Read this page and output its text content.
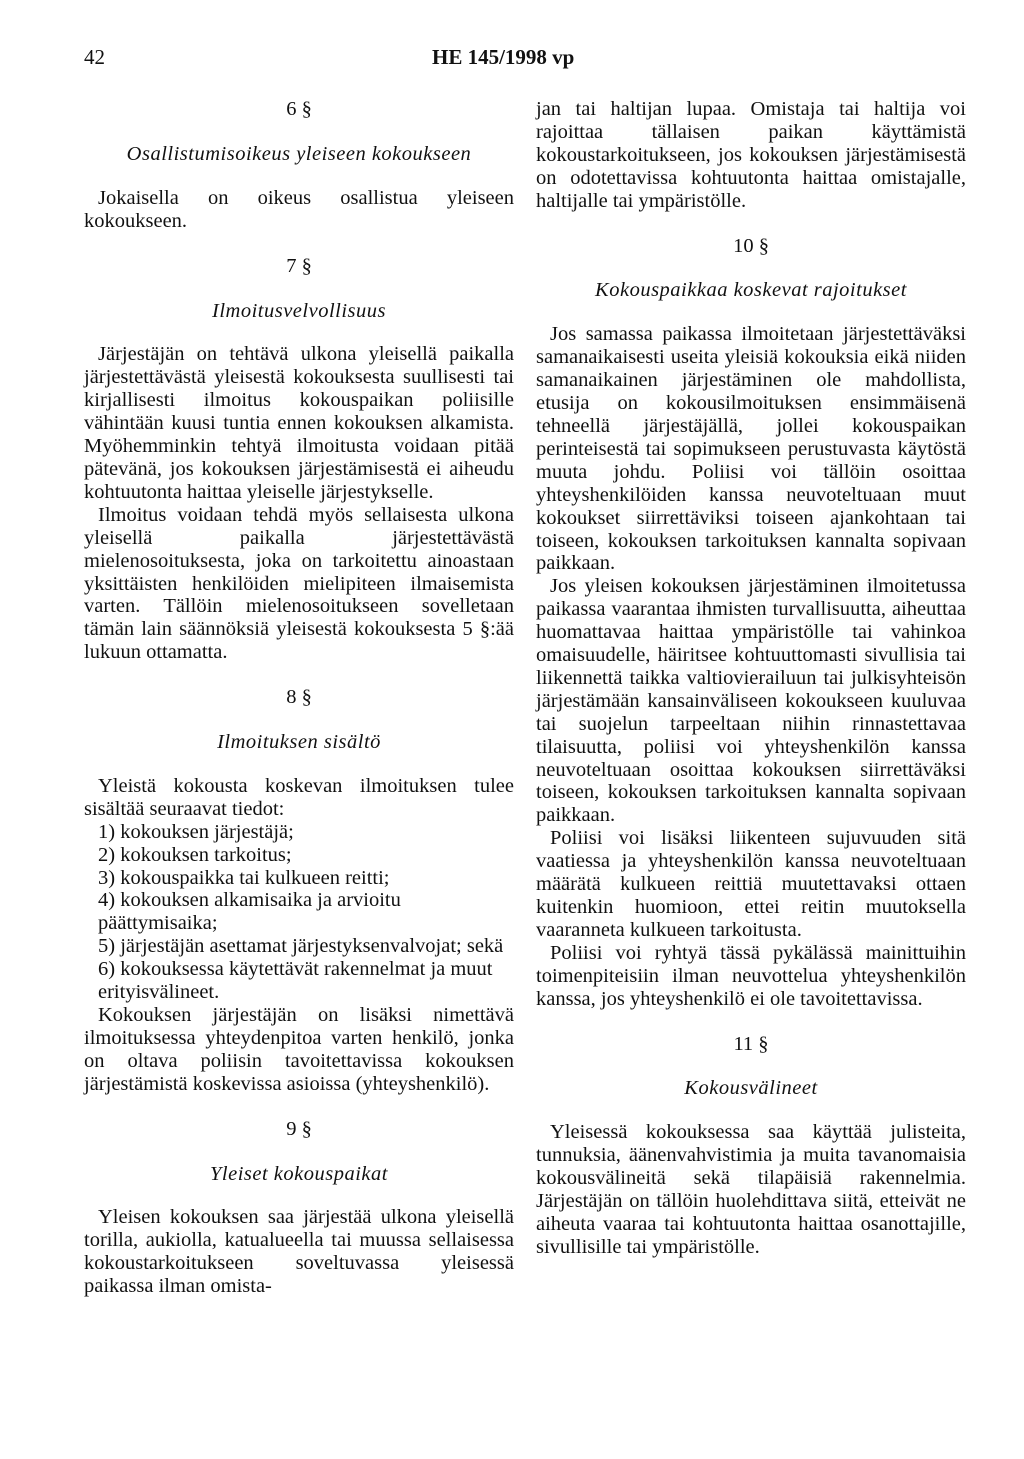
42	HE 145/1998 vp

6 §

Osallistumisoikeus yleiseen kokoukseen

Jokaisella on oikeus osallistua yleiseen kokoukseen.

7 §

Ilmoitusvelvollisuus

Järjestäjän on tehtävä ulkona yleisellä paikalla järjestettävästä yleisestä kokouksesta suullisesti tai kirjallisesti ilmoitus kokouspaikan poliisille vähintään kuusi tuntia ennen kokouksen alkamista. Myöhemminkin tehtyä ilmoitusta voidaan pitää pätevänä, jos kokouksen järjestämisestä ei aiheudu kohtuutonta haittaa yleiselle järjestykselle.

Ilmoitus voidaan tehdä myös sellaisesta ulkona yleisellä paikalla järjestettävästä mielenosoituksesta, joka on tarkoitettu ainoastaan yksittäisten henkilöiden mielipiteen ilmaisemista varten. Tällöin mielenosoitukseen sovelletaan tämän lain säännöksiä yleisestä kokouksesta 5 §:ää lukuun ottamatta.

8 §

Ilmoituksen sisältö

Yleistä kokousta koskevan ilmoituksen tulee sisältää seuraavat tiedot:

1) kokouksen järjestäjä;
2) kokouksen tarkoitus;
3) kokouspaikka tai kulkueen reitti;
4) kokouksen alkamisaika ja arvioitu päättymisaika;
5) järjestäjän asettamat järjestyksenvalvojat; sekä
6) kokouksessa käytettävät rakennelmat ja muut erityisvälineet.

Kokouksen järjestäjän on lisäksi nimettävä ilmoituksessa yhteydenpitoa varten henkilö, jonka on oltava poliisin tavoitettavissa kokouksen järjestämistä koskevissa asioissa (yhteyshenkilö).

9 §

Yleiset kokouspaikat

Yleisen kokouksen saa järjestää ulkona yleisellä torilla, aukiolla, katualueella tai muussa sellaisessa kokoustarkoitukseen soveltuvassa yleisessä paikassa ilman omista-

jan tai haltijan lupaa. Omistaja tai haltija voi rajoittaa tällaisen paikan käyttämistä kokoustarkoitukseen, jos kokouksen järjestämisestä on odotettavissa kohtuutonta haittaa omistajalle, haltijalle tai ympäristölle.

10 §

Kokouspaikkaa koskevat rajoitukset

Jos samassa paikassa ilmoitetaan järjestettäväksi samanaikaisesti useita yleisiä kokouksia eikä niiden samanaikainen järjestäminen ole mahdollista, etusija on kokousilmoituksen ensimmäisenä tehneellä järjestäjällä, jollei kokouspaikan perinteisestä tai sopimukseen perustuvasta käytöstä muuta johdu. Poliisi voi tällöin osoittaa yhteyshenkilöiden kanssa neuvoteltuaan muut kokoukset siirrettäviksi toiseen ajankohtaan tai toiseen, kokouksen tarkoituksen kannalta sopivaan paikkaan.

Jos yleisen kokouksen järjestäminen ilmoitetussa paikassa vaarantaa ihmisten turvallisuutta, aiheuttaa huomattavaa haittaa ympäristölle tai vahinkoa omaisuudelle, häiritsee kohtuuttomasti sivullisia tai liikennettä taikka valtiovierailuun tai julkisyhteisön järjestämään kansainväliseen kokoukseen kuuluvaa tai suojelun tarpeeltaan niihin rinnastettavaa tilaisuutta, poliisi voi yhteyshenkilön kanssa neuvoteltuaan osoittaa kokouksen siirrettäväksi toiseen, kokouksen tarkoituksen kannalta sopivaan paikkaan.

Poliisi voi lisäksi liikenteen sujuvuuden sitä vaatiessa ja yhteyshenkilön kanssa neuvoteltuaan määrätä kulkueen reittiä muutettavaksi ottaen kuitenkin huomioon, ettei reitin muutoksella vaaranneta kulkueen tarkoitusta.

Poliisi voi ryhtyä tässä pykälässä mainittuihin toimenpiteisiin ilman neuvottelua yhteyshenkilön kanssa, jos yhteyshenkilö ei ole tavoitettavissa.

11 §

Kokousvälineet

Yleisessä kokouksessa saa käyttää julisteita, tunnuksia, äänenvahvistimia ja muita tavanomaisia kokousvälineitä sekä tilapäisiä rakennelmia. Järjestäjän on tällöin huolehdittava siitä, etteivät ne aiheuta vaaraa tai kohtuutonta haittaa osanottajille, sivullisille tai ympäristölle.
